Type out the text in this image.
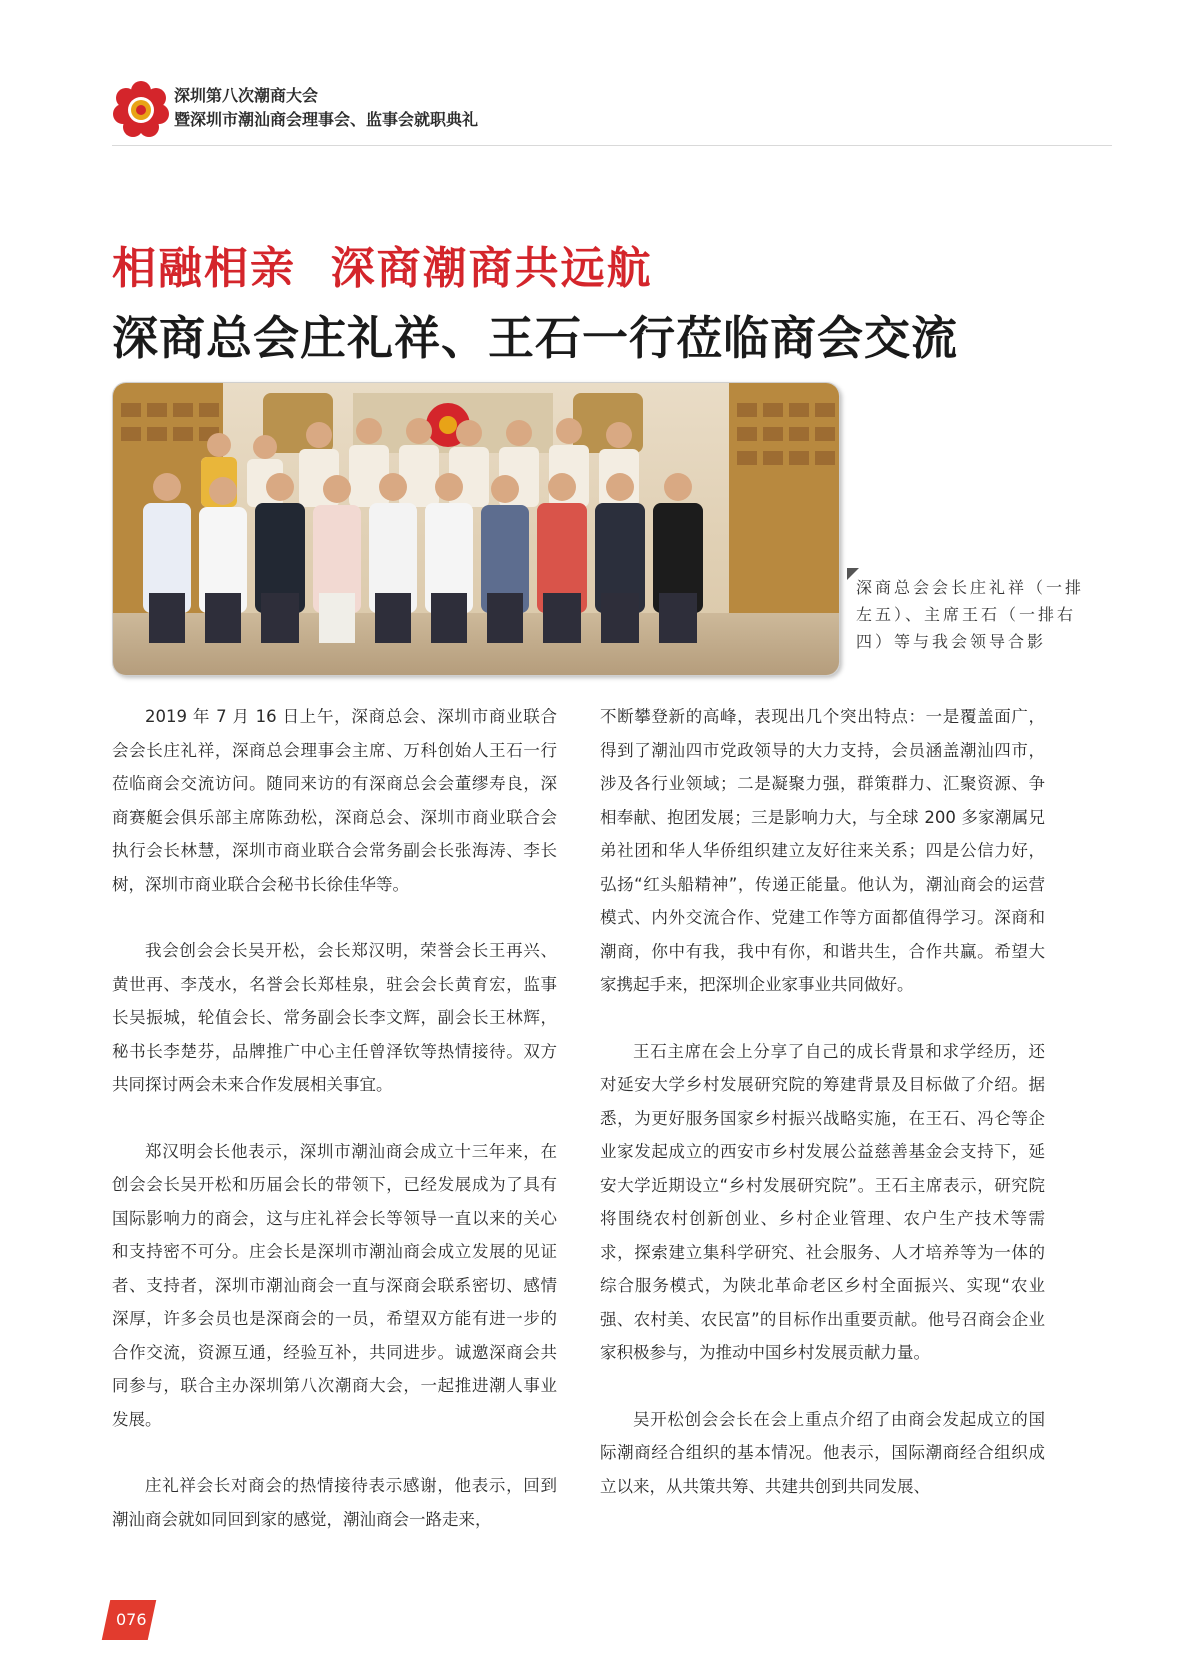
深圳第八次潮商大会
暨深圳市潮汕商会理事会、监事会就职典礼
相融相亲  深商潮商共远航
深商总会庄礼祥、王石一行莅临商会交流
深商总会会长庄礼祥（一排左五）、主席王石（一排右四）等与我会领导合影

2019 年 7 月 16 日上午，深商总会、深圳市商业联合会会长庄礼祥，深商总会理事会主席、万科创始人王石一行莅临商会交流访问。随同来访的有深商总会会董缪寿良，深商赛艇会俱乐部主席陈劲松，深商总会、深圳市商业联合会执行会长林慧，深圳市商业联合会常务副会长张海涛、李长树，深圳市商业联合会秘书长徐佳华等。

我会创会会长吴开松，会长郑汉明，荣誉会长王再兴、黄世再、李茂水，名誉会长郑桂泉，驻会会长黄育宏，监事长吴振城，轮值会长、常务副会长李文辉，副会长王林辉，秘书长李楚芬，品牌推广中心主任曾泽钦等热情接待。双方共同探讨两会未来合作发展相关事宜。

郑汉明会长他表示，深圳市潮汕商会成立十三年来，在创会会长吴开松和历届会长的带领下，已经发展成为了具有国际影响力的商会，这与庄礼祥会长等领导一直以来的关心和支持密不可分。庄会长是深圳市潮汕商会成立发展的见证者、支持者，深圳市潮汕商会一直与深商会联系密切、感情深厚，许多会员也是深商会的一员，希望双方能有进一步的合作交流，资源互通，经验互补，共同进步。诚邀深商会共同参与，联合主办深圳第八次潮商大会，一起推进潮人事业发展。

庄礼祥会长对商会的热情接待表示感谢，他表示，回到潮汕商会就如同回到家的感觉，潮汕商会一路走来，

不断攀登新的高峰，表现出几个突出特点：一是覆盖面广，得到了潮汕四市党政领导的大力支持，会员涵盖潮汕四市，涉及各行业领域；二是凝聚力强，群策群力、汇聚资源、争相奉献、抱团发展；三是影响力大，与全球 200 多家潮属兄弟社团和华人华侨组织建立友好往来关系；四是公信力好，弘扬“红头船精神”，传递正能量。他认为，潮汕商会的运营模式、内外交流合作、党建工作等方面都值得学习。深商和潮商，你中有我，我中有你，和谐共生，合作共赢。希望大家携起手来，把深圳企业家事业共同做好。

王石主席在会上分享了自己的成长背景和求学经历，还对延安大学乡村发展研究院的筹建背景及目标做了介绍。据悉，为更好服务国家乡村振兴战略实施，在王石、冯仑等企业家发起成立的西安市乡村发展公益慈善基金会支持下，延安大学近期设立“乡村发展研究院”。王石主席表示，研究院将围绕农村创新创业、乡村企业管理、农户生产技术等需求，探索建立集科学研究、社会服务、人才培养等为一体的综合服务模式，为陕北革命老区乡村全面振兴、实现“农业强、农村美、农民富”的目标作出重要贡献。他号召商会企业家积极参与，为推动中国乡村发展贡献力量。

吴开松创会会长在会上重点介绍了由商会发起成立的国际潮商经合组织的基本情况。他表示，国际潮商经合组织成立以来，从共策共筹、共建共创到共同发展、

076
